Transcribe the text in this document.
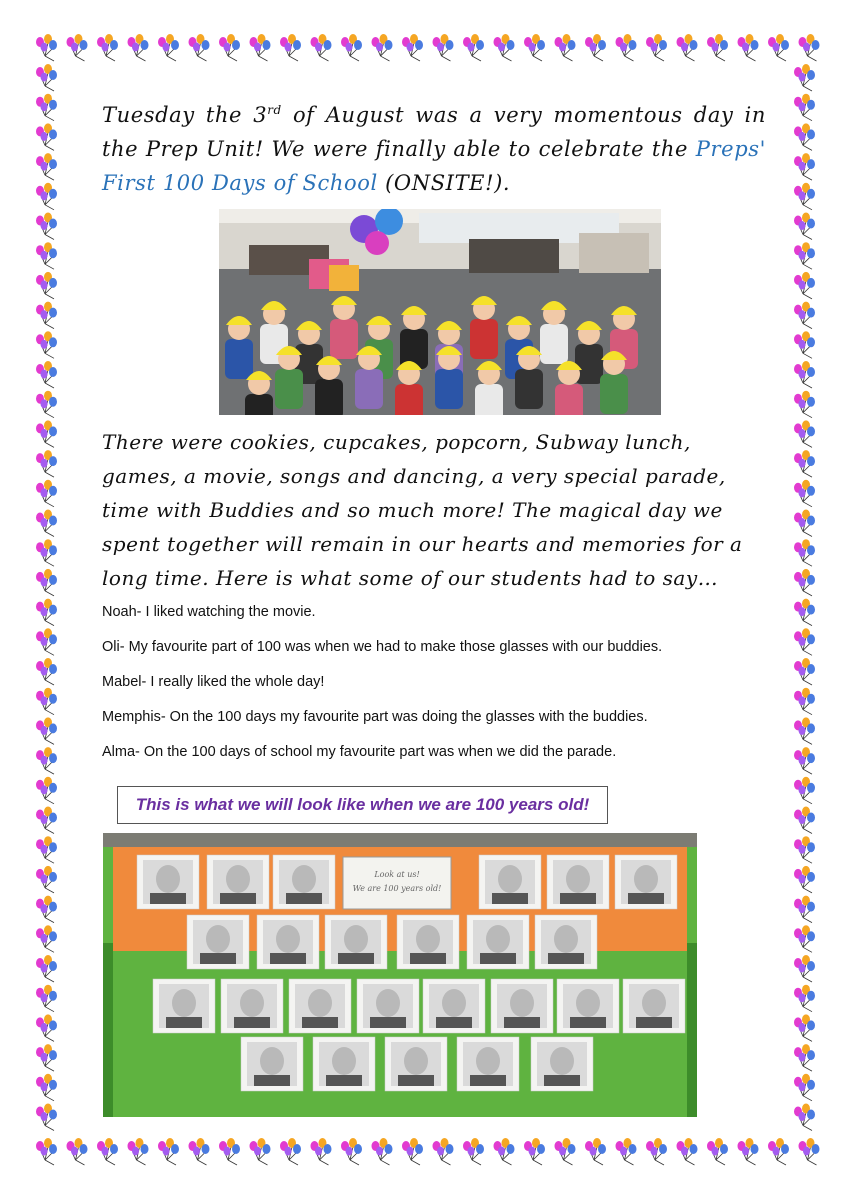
Tuesday the 3rd of August was a very momentous day in the Prep Unit! We were finally able to celebrate the Preps' First 100 Days of School (ONSITE!).
There were cookies, cupcakes, popcorn, Subway lunch, games, a movie, songs and dancing, a very special parade, time with Buddies and so much more! The magical day we spent together will remain in our hearts and memories for a long time. Here is what some of our students had to say…
Noah- I liked watching the movie.
Oli- My favourite part of 100 was when we had to make those glasses with our buddies.
Mabel- I really liked the whole day!
Memphis- On the 100 days my favourite part was doing the glasses with the buddies.
Alma- On the 100 days of school my favourite part was when we did the parade.
This is what we will look like when we are 100 years old!
Look at us!
We are 100 years old!
